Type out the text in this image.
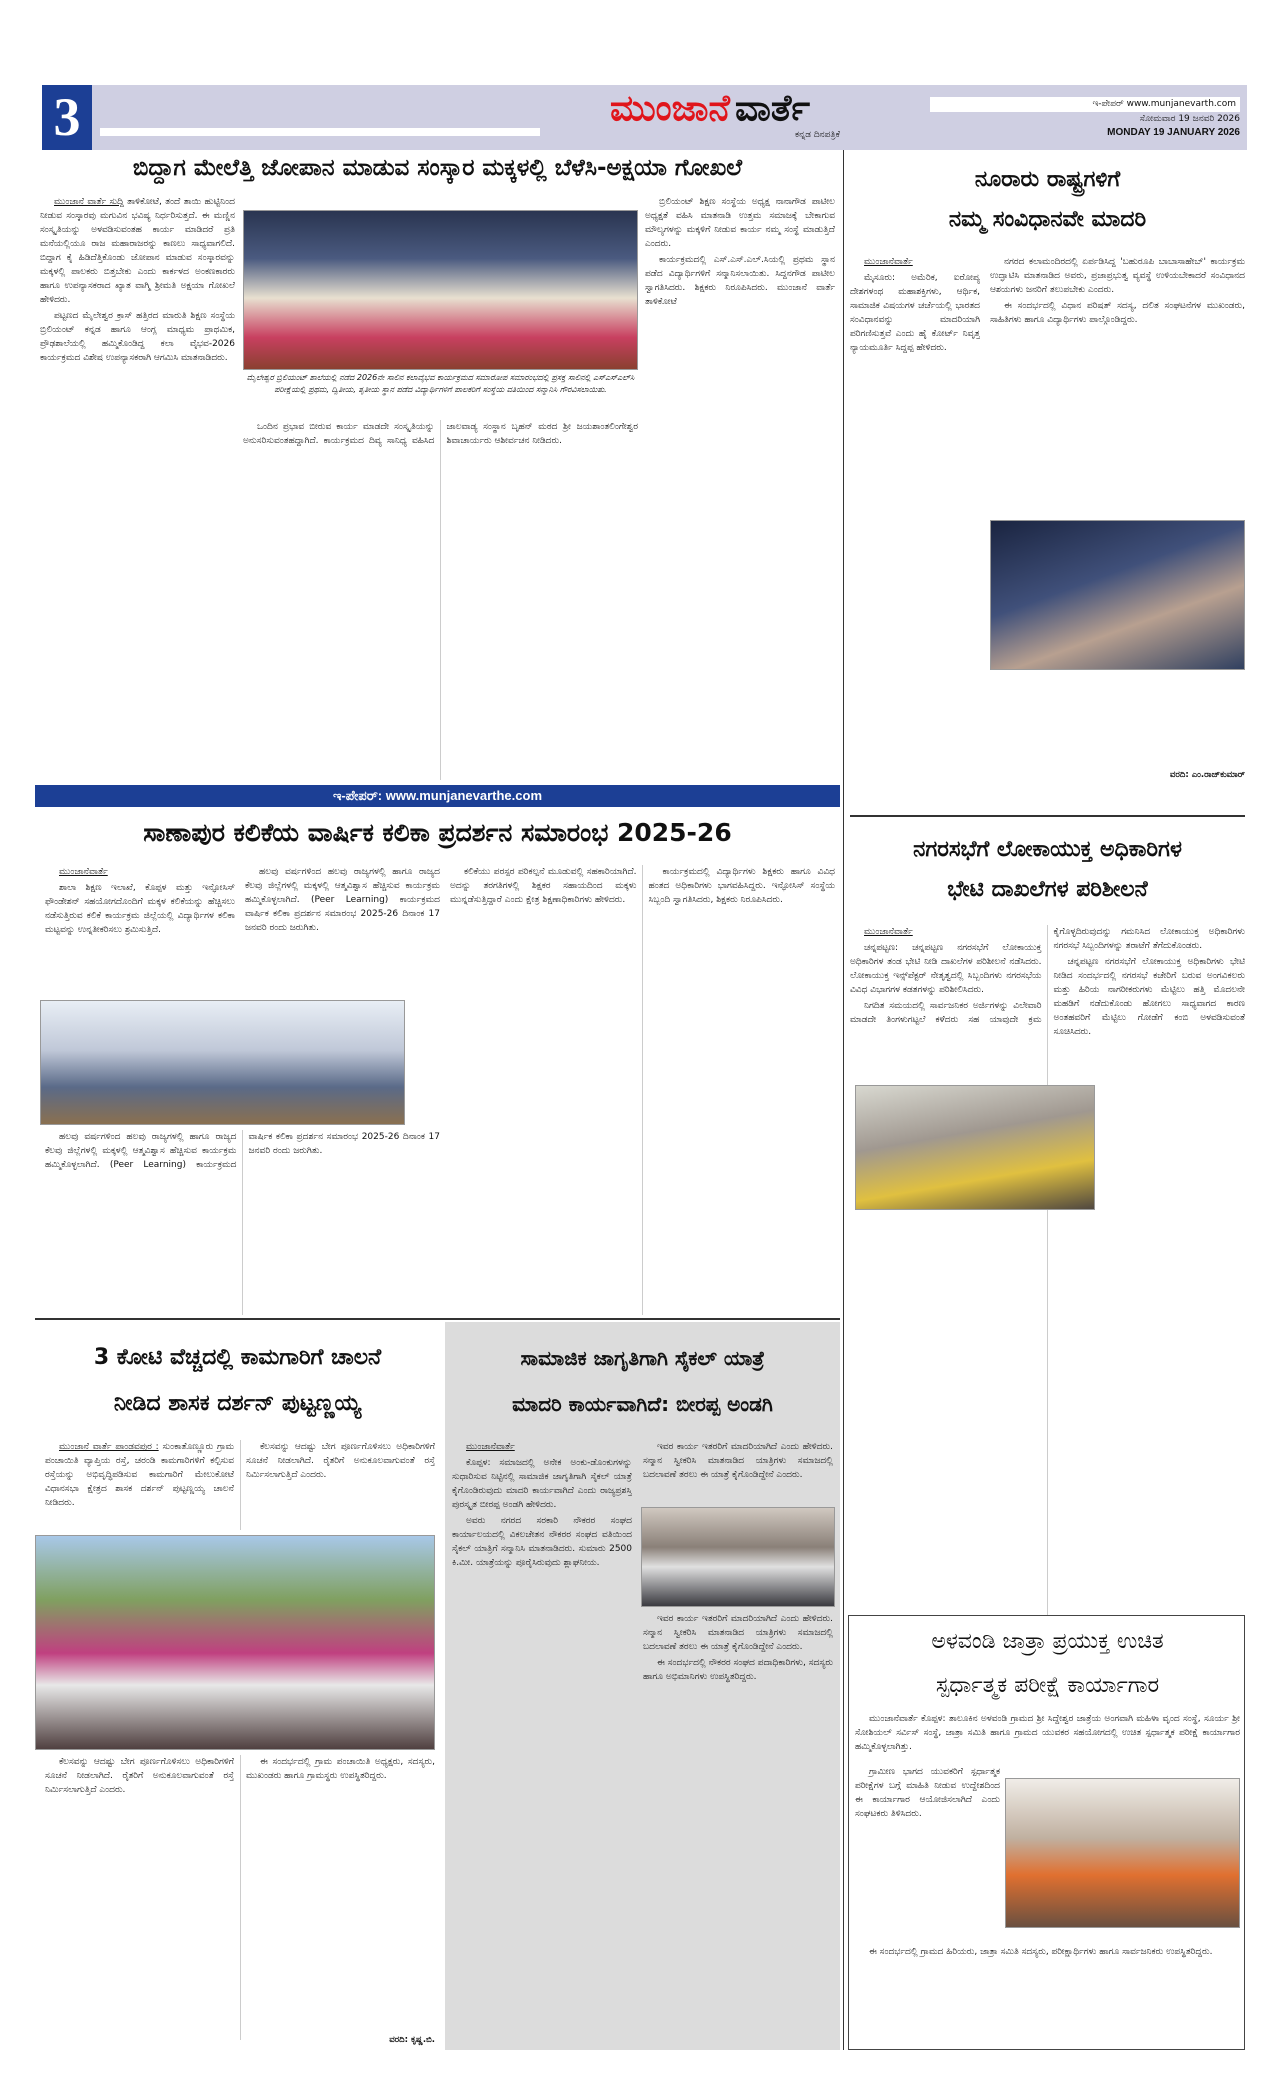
3	ಮುಂಜಾನೆ ವಾರ್ತೆ
ಕನ್ನಡ ದಿನಪತ್ರಿಕೆ
ಇ-ಪೇಪರ್ www.munjanevarth.com
ಸೋಮವಾರ 19 ಜನವರಿ 2026
MONDAY 19 JANUARY 2026
ಬಿದ್ದಾಗ ಮೇಲೆತ್ತಿ ಜೋಪಾನ ಮಾಡುವ ಸಂಸ್ಕಾರ ಮಕ್ಕಳಲ್ಲಿ ಬೆಳೆಸಿ-ಅಕ್ಷಯಾ ಗೋಖಲೆ

ಮುಂಜಾನೆ ವಾರ್ತೆ ಸುದ್ದಿ ತಾಳಿಕೋಟೆ, ತಂದೆ ತಾಯಿ ಹುಟ್ಟಿನಿಂದ ನೀಡುವ ಸಂಸ್ಕಾರವು ಮಗುವಿನ ಭವಿಷ್ಯ ನಿರ್ಧರಿಸುತ್ತದೆ. ಈ ಮಣ್ಣಿನ ಸಂಸ್ಕೃತಿಯನ್ನು ಅಳವಡಿಸುವಂತಹ ಕಾರ್ಯ ಮಾಡಿದರೆ ಪ್ರತಿ ಮನೆಯಲ್ಲಿಯೂ ರಾಜ ಮಹಾರಾಜರನ್ನು ಕಾಣಲು ಸಾಧ್ಯವಾಗಲಿದೆ. ಬಿದ್ದಾಗ ಕೈ ಹಿಡಿದೆತ್ತಿಕೊಂಡು ಜೋಪಾನ ಮಾಡುವ ಸಂಸ್ಕಾರವನ್ನು ಮಕ್ಕಳಲ್ಲಿ ಪಾಲಕರು ಬಿತ್ತಬೇಕು ಎಂದು ಕಾರ್ಕಳದ ಅಂಕಣಕಾರರು ಹಾಗೂ ಉಪನ್ಯಾಸಕರಾದ ಖ್ಯಾತ ವಾಗ್ಮಿ ಶ್ರೀಮತಿ ಅಕ್ಷಯಾ ಗೋಖಲೆ ಹೇಳಿದರು.

ಪಟ್ಟಣದ ಮೈಲೇಶ್ವರ ಕ್ರಾಸ್ ಹತ್ತಿರದ ಮಾರುತಿ ಶಿಕ್ಷಣ ಸಂಸ್ಥೆಯ ಬ್ರಿಲಿಯಂಟ್ ಕನ್ನಡ ಹಾಗೂ ಆಂಗ್ಲ ಮಾಧ್ಯಮ ಪ್ರಾಥಮಿಕ, ಪ್ರೌಢಶಾಲೆಯಲ್ಲಿ ಹಮ್ಮಿಕೊಂಡಿದ್ದ ಕಲಾ ವೈಭವ-2026 ಕಾರ್ಯಕ್ರಮದ ವಿಶೇಷ ಉಪನ್ಯಾಸಕರಾಗಿ ಆಗಮಿಸಿ ಮಾತನಾಡಿದರು.

ಮೈಲೇಶ್ವರ ಬ್ರಿಲಿಯಂಟ್ ಶಾಲೆಯಲ್ಲಿ ನಡೆದ 2026ನೇ ಸಾಲಿನ ಕಲಾವೈಭವ ಕಾರ್ಯಕ್ರಮದ ಸಮಾರೋಪ ಸಮಾರಂಭದಲ್ಲಿ ಪ್ರಸಕ್ತ ಸಾಲಿನಲ್ಲಿ ಎಸ್‌ಎಸ್‌ಎಲ್‌ಸಿ ಪರೀಕ್ಷೆಯಲ್ಲಿ ಪ್ರಥಮ, ದ್ವಿತೀಯ, ತೃತೀಯ ಸ್ಥಾನ ಪಡೆದ ವಿದ್ಯಾರ್ಥಿಗಳಿಗೆ ಪಾಲಕರಿಗೆ ಸಂಸ್ಥೆಯ ವತಿಯಿಂದ ಸನ್ಮಾನಿಸಿ ಗೌರವಿಸಲಾಯಿತು.

ಒಂದಿನ ಪ್ರಭಾವ ಬೀರುವ ಕಾರ್ಯ ಮಾಡದೇ ಸಂಸ್ಕೃತಿಯನ್ನು ಅನುಸರಿಸುವಂತಹದ್ದಾಗಿದೆ. ಕಾರ್ಯಕ್ರಮದ ದಿವ್ಯ ಸಾನಿಧ್ಯ ವಹಿಸಿದ ಜಾಲವಾಡ್ಯ ಸಂಸ್ಥಾನ ಬೃಹನ್ ಮಠದ ಶ್ರೀ ಜಯಶಾಂತಲಿಂಗೇಶ್ವರ ಶಿವಾಚಾರ್ಯರು ಆಶೀರ್ವಚನ ನೀಡಿದರು.

ಬ್ರಿಲಿಯಂಟ್ ಶಿಕ್ಷಣ ಸಂಸ್ಥೆಯ ಅಧ್ಯಕ್ಷ ನಾನಾಗೌಡ ಪಾಟೀಲ ಅಧ್ಯಕ್ಷತೆ ವಹಿಸಿ ಮಾತನಾಡಿ ಉತ್ತಮ ಸಮಾಜಕ್ಕೆ ಬೇಕಾಗುವ ಮೌಲ್ಯಗಳನ್ನು ಮಕ್ಕಳಿಗೆ ನೀಡುವ ಕಾರ್ಯ ನಮ್ಮ ಸಂಸ್ಥೆ ಮಾಡುತ್ತಿದೆ ಎಂದರು.

ಕಾರ್ಯಕ್ರಮದಲ್ಲಿ ಎಸ್.ಎಸ್.ಎಲ್.ಸಿಯಲ್ಲಿ ಪ್ರಥಮ ಸ್ಥಾನ ಪಡೆದ ವಿದ್ಯಾರ್ಥಿಗಳಿಗೆ ಸನ್ಮಾನಿಸಲಾಯಿತು. ಸಿದ್ದನಗೌಡ ಪಾಟೀಲ ಸ್ವಾಗತಿಸಿದರು. ಶಿಕ್ಷಕರು ನಿರೂಪಿಸಿದರು. ಮುಂಜಾನೆ ವಾರ್ತೆ ತಾಳಿಕೋಟೆ

ನೂರಾರು ರಾಷ್ಟ್ರಗಳಿಗೆ
ನಮ್ಮ ಸಂವಿಧಾನವೇ ಮಾದರಿ

ಮುಂಜಾನೆವಾರ್ತೆ

ಮೈಸೂರು: ಅಮೆರಿಕ, ಐರೋಪ್ಯ ದೇಶಗಳಂಥ ಮಹಾಶಕ್ತಿಗಳು, ಆರ್ಥಿಕ, ಸಾಮಾಜಿಕ ವಿಷಯಗಳ ಚರ್ಚೆಯಲ್ಲಿ ಭಾರತದ ಸಂವಿಧಾನವನ್ನು ಮಾದರಿಯಾಗಿ ಪರಿಗಣಿಸುತ್ತವೆ ಎಂದು ಹೈ ಕೋರ್ಟ್ ನಿವೃತ್ತ ನ್ಯಾಯಮೂರ್ತಿ ಸಿದ್ದಪ್ಪ ಹೇಳಿದರು.

ನಗರದ ಕಲಾಮಂದಿರದಲ್ಲಿ ಏರ್ಪಡಿಸಿದ್ದ 'ಬಹುರೂಪಿ ಬಾಬಾಸಾಹೇಬ್' ಕಾರ್ಯಕ್ರಮ ಉದ್ಘಾಟಿಸಿ ಮಾತನಾಡಿದ ಅವರು, ಪ್ರಜಾಪ್ರಭುತ್ವ ವ್ಯವಸ್ಥೆ ಉಳಿಯಬೇಕಾದರೆ ಸಂವಿಧಾನದ ಆಶಯಗಳು ಜನರಿಗೆ ತಲುಪಬೇಕು ಎಂದರು.

ಈ ಸಂದರ್ಭದಲ್ಲಿ ವಿಧಾನ ಪರಿಷತ್ ಸದಸ್ಯ, ದಲಿತ ಸಂಘಟನೆಗಳ ಮುಖಂಡರು, ಸಾಹಿತಿಗಳು ಹಾಗೂ ವಿದ್ಯಾರ್ಥಿಗಳು ಪಾಲ್ಗೊಂಡಿದ್ದರು.

ವರದಿ: ಎಂ.ರಾಜ್‌ಕುಮಾರ್
ಇ-ಪೇಪರ್: www.munjanevarthe.com
ಸಾಣಾಪುರ ಕಲಿಕೆಯ ವಾರ್ಷಿಕ ಕಲಿಕಾ ಪ್ರದರ್ಶನ ಸಮಾರಂಭ 2025-26

ಮುಂಜಾನೆವಾರ್ತೆ

ಶಾಲಾ ಶಿಕ್ಷಣ ಇಲಾಖೆ, ಕೊಪ್ಪಳ ಮತ್ತು ಇನ್ಫೋಸಿಸ್ ಫೌಂಡೇಶನ್ ಸಹಯೋಗದೊಂದಿಗೆ ಮಕ್ಕಳ ಕಲಿಕೆಯನ್ನು ಹೆಚ್ಚಿಸಲು ನಡೆಸುತ್ತಿರುವ ಕಲಿಕೆ ಕಾರ್ಯಕ್ರಮ ಜಿಲ್ಲೆಯಲ್ಲಿ ವಿದ್ಯಾರ್ಥಿಗಳ ಕಲಿಕಾ ಮಟ್ಟವನ್ನು ಉನ್ನತೀಕರಿಸಲು ಶ್ರಮಿಸುತ್ತಿದೆ.

ಹಲವು ವರ್ಷಗಳಿಂದ ಹಲವು ರಾಜ್ಯಗಳಲ್ಲಿ ಹಾಗೂ ರಾಜ್ಯದ ಕೆಲವು ಜಿಲ್ಲೆಗಳಲ್ಲಿ ಮಕ್ಕಳಲ್ಲಿ ಆತ್ಮವಿಶ್ವಾಸ ಹೆಚ್ಚಿಸುವ ಕಾರ್ಯಕ್ರಮ ಹಮ್ಮಿಕೊಳ್ಳಲಾಗಿದೆ. (Peer Learning) ಕಾರ್ಯಕ್ರಮದ ವಾರ್ಷಿಕ ಕಲಿಕಾ ಪ್ರದರ್ಶನ ಸಮಾರಂಭ 2025-26 ದಿನಾಂಕ 17 ಜನವರಿ ರಂದು ಜರುಗಿತು.

ಹಲವು ವರ್ಷಗಳಿಂದ ಹಲವು ರಾಜ್ಯಗಳಲ್ಲಿ ಹಾಗೂ ರಾಜ್ಯದ ಕೆಲವು ಜಿಲ್ಲೆಗಳಲ್ಲಿ ಮಕ್ಕಳಲ್ಲಿ ಆತ್ಮವಿಶ್ವಾಸ ಹೆಚ್ಚಿಸುವ ಕಾರ್ಯಕ್ರಮ ಹಮ್ಮಿಕೊಳ್ಳಲಾಗಿದೆ. (Peer Learning) ಕಾರ್ಯಕ್ರಮದ ವಾರ್ಷಿಕ ಕಲಿಕಾ ಪ್ರದರ್ಶನ ಸಮಾರಂಭ 2025-26 ದಿನಾಂಕ 17 ಜನವರಿ ರಂದು ಜರುಗಿತು.

ಕಲಿಕೆಯು ಪರಸ್ಪರ ಪರಿಕಲ್ಪನೆ ಮೂಡುವಲ್ಲಿ ಸಹಕಾರಿಯಾಗಿದೆ. ಅದನ್ನು ತರಗತಿಗಳಲ್ಲಿ ಶಿಕ್ಷಕರ ಸಹಾಯದಿಂದ ಮಕ್ಕಳು ಮುನ್ನಡೆಸುತ್ತಿದ್ದಾರೆ ಎಂದು ಕ್ಷೇತ್ರ ಶಿಕ್ಷಣಾಧಿಕಾರಿಗಳು ಹೇಳಿದರು.

ಕಾರ್ಯಕ್ರಮದಲ್ಲಿ ವಿದ್ಯಾರ್ಥಿಗಳು ಶಿಕ್ಷಕರು ಹಾಗೂ ವಿವಿಧ ಹಂತದ ಅಧಿಕಾರಿಗಳು ಭಾಗವಹಿಸಿದ್ದರು. ಇನ್ಫೋಸಿಸ್ ಸಂಸ್ಥೆಯ ಸಿಬ್ಬಂದಿ ಸ್ವಾಗತಿಸಿದರು, ಶಿಕ್ಷಕರು ನಿರೂಪಿಸಿದರು.

ನಗರಸಭೆಗೆ ಲೋಕಾಯುಕ್ತ ಅಧಿಕಾರಿಗಳ
ಭೇಟಿ ದಾಖಲೆಗಳ ಪರಿಶೀಲನೆ

ಮುಂಜಾನೆವಾರ್ತೆ

ಚನ್ನಪಟ್ಟಣ: ಚನ್ನಪಟ್ಟಣ ನಗರಸಭೆಗೆ ಲೋಕಾಯುಕ್ತ ಅಧಿಕಾರಿಗಳ ತಂಡ ಭೇಟಿ ನೀಡಿ ದಾಖಲೆಗಳ ಪರಿಶೀಲನೆ ನಡೆಸಿದರು. ಲೋಕಾಯುಕ್ತ ಇನ್ಸ್‌ಪೆಕ್ಟರ್ ನೇತೃತ್ವದಲ್ಲಿ ಸಿಬ್ಬಂದಿಗಳು ನಗರಸಭೆಯ ವಿವಿಧ ವಿಭಾಗಗಳ ಕಡತಗಳನ್ನು ಪರಿಶೀಲಿಸಿದರು.

ನಿಗದಿತ ಸಮಯದಲ್ಲಿ ಸಾರ್ವಜನಿಕರ ಅರ್ಜಿಗಳನ್ನು ವಿಲೇವಾರಿ ಮಾಡದೇ ತಿಂಗಳುಗಟ್ಟಲೆ ಕಳೆದರು ಸಹ ಯಾವುದೇ ಕ್ರಮ ಕೈಗೊಳ್ಳದಿರುವುದನ್ನು ಗಮನಿಸಿದ ಲೋಕಾಯುಕ್ತ ಅಧಿಕಾರಿಗಳು ನಗರಸಭೆ ಸಿಬ್ಬಂದಿಗಳನ್ನು ತರಾಟೆಗೆ ತೆಗೆದುಕೊಂಡರು.

ಚನ್ನಪಟ್ಟಣ ನಗರಸಭೆಗೆ ಲೋಕಾಯುಕ್ತ ಅಧಿಕಾರಿಗಳು ಭೇಟಿ ನೀಡಿದ ಸಂದರ್ಭದಲ್ಲಿ ನಗರಸಭೆ ಕಚೇರಿಗೆ ಬರುವ ಅಂಗವಿಕಲರು ಮತ್ತು ಹಿರಿಯ ನಾಗರೀಕರುಗಳು ಮೆಟ್ಟಿಲು ಹತ್ತಿ ಮೊದಲನೇ ಮಹಡಿಗೆ ನಡೆದುಕೊಂಡು ಹೋಗಲು ಸಾಧ್ಯವಾಗದ ಕಾರಣ ಅಂತಹವರಿಗೆ ಮೆಟ್ಟಿಲು ಗೋಡೆಗೆ ಕಂಬಿ ಅಳವಡಿಸುವಂತೆ ಸೂಚಿಸಿದರು.

3 ಕೋಟಿ ವೆಚ್ಚದಲ್ಲಿ ಕಾಮಗಾರಿಗೆ ಚಾಲನೆ
ನೀಡಿದ ಶಾಸಕ ದರ್ಶನ್ ಪುಟ್ಟಣ್ಣಯ್ಯ

ಮುಂಜಾನೆ ವಾರ್ತೆ ಪಾಂಡವಪುರ : ಸುಂಕಾತೊಣ್ಣೂರು ಗ್ರಾಮ ಪಂಚಾಯಿತಿ ವ್ಯಾಪ್ತಿಯ ರಸ್ತೆ, ಚರಂಡಿ ಕಾಮಗಾರಿಗಳಿಗೆ ಕಲ್ಪಿಸುವ ರಸ್ತೆಯನ್ನು ಅಭಿವೃದ್ಧಿಪಡಿಸುವ ಕಾಮಗಾರಿಗೆ ಮೇಲುಕೋಟೆ ವಿಧಾನಸಭಾ ಕ್ಷೇತ್ರದ ಶಾಸಕ ದರ್ಶನ್ ಪುಟ್ಟಣ್ಣಯ್ಯ ಚಾಲನೆ ನೀಡಿದರು.

ಕೆಲಸವನ್ನು ಆದಷ್ಟು ಬೇಗ ಪೂರ್ಣಗೊಳಿಸಲು ಅಧಿಕಾರಿಗಳಿಗೆ ಸೂಚನೆ ನೀಡಲಾಗಿದೆ. ರೈತರಿಗೆ ಅನುಕೂಲವಾಗುವಂತೆ ರಸ್ತೆ ನಿರ್ಮಿಸಲಾಗುತ್ತಿದೆ ಎಂದರು.

ಕೆಲಸವನ್ನು ಆದಷ್ಟು ಬೇಗ ಪೂರ್ಣಗೊಳಿಸಲು ಅಧಿಕಾರಿಗಳಿಗೆ ಸೂಚನೆ ನೀಡಲಾಗಿದೆ. ರೈತರಿಗೆ ಅನುಕೂಲವಾಗುವಂತೆ ರಸ್ತೆ ನಿರ್ಮಿಸಲಾಗುತ್ತಿದೆ ಎಂದರು.

ಈ ಸಂದರ್ಭದಲ್ಲಿ ಗ್ರಾಮ ಪಂಚಾಯಿತಿ ಅಧ್ಯಕ್ಷರು, ಸದಸ್ಯರು, ಮುಖಂಡರು ಹಾಗೂ ಗ್ರಾಮಸ್ಥರು ಉಪಸ್ಥಿತರಿದ್ದರು.

ವರದಿ: ಕೃಷ್ಣ.ಬಿ.
ಸಾಮಾಜಿಕ ಜಾಗೃತಿಗಾಗಿ ಸೈಕಲ್ ಯಾತ್ರೆ
ಮಾದರಿ ಕಾರ್ಯವಾಗಿದೆ: ಬೀರಪ್ಪ ಅಂಡಗಿ

ಮುಂಜಾನೆವಾರ್ತೆ

ಕೊಪ್ಪಳ: ಸಮಾಜದಲ್ಲಿ ಅನೇಕ ಅಂಕು-ಡೊಂಕುಗಳನ್ನು ಸುಧಾರಿಸುವ ನಿಟ್ಟಿನಲ್ಲಿ ಸಾಮಾಜಿಕ ಜಾಗೃತಿಗಾಗಿ ಸೈಕಲ್ ಯಾತ್ರೆ ಕೈಗೊಂಡಿರುವುದು ಮಾದರಿ ಕಾರ್ಯವಾಗಿದೆ ಎಂದು ರಾಜ್ಯಪ್ರಶಸ್ತಿ ಪುರಸ್ಕೃತ ಬೀರಪ್ಪ ಅಂಡಗಿ ಹೇಳಿದರು.

ಅವರು ನಗರದ ಸರಕಾರಿ ನೌಕರರ ಸಂಘದ ಕಾರ್ಯಾಲಯದಲ್ಲಿ ವಿಕಲಚೇತನ ನೌಕರರ ಸಂಘದ ವತಿಯಿಂದ ಸೈಕಲ್ ಯಾತ್ರಿಗೆ ಸನ್ಮಾನಿಸಿ ಮಾತನಾಡಿದರು. ಸುಮಾರು 2500 ಕಿ.ಮೀ. ಯಾತ್ರೆಯನ್ನು ಪೂರೈಸಿರುವುದು ಶ್ಲಾಘನೀಯ.

ಇವರ ಕಾರ್ಯ ಇತರರಿಗೆ ಮಾದರಿಯಾಗಿದೆ ಎಂದು ಹೇಳಿದರು. ಸನ್ಮಾನ ಸ್ವೀಕರಿಸಿ ಮಾತನಾಡಿದ ಯಾತ್ರಿಗಳು ಸಮಾಜದಲ್ಲಿ ಬದಲಾವಣೆ ತರಲು ಈ ಯಾತ್ರೆ ಕೈಗೊಂಡಿದ್ದೇನೆ ಎಂದರು.

ಇವರ ಕಾರ್ಯ ಇತರರಿಗೆ ಮಾದರಿಯಾಗಿದೆ ಎಂದು ಹೇಳಿದರು. ಸನ್ಮಾನ ಸ್ವೀಕರಿಸಿ ಮಾತನಾಡಿದ ಯಾತ್ರಿಗಳು ಸಮಾಜದಲ್ಲಿ ಬದಲಾವಣೆ ತರಲು ಈ ಯಾತ್ರೆ ಕೈಗೊಂಡಿದ್ದೇನೆ ಎಂದರು.

ಈ ಸಂದರ್ಭದಲ್ಲಿ ನೌಕರರ ಸಂಘದ ಪದಾಧಿಕಾರಿಗಳು, ಸದಸ್ಯರು ಹಾಗೂ ಅಭಿಮಾನಿಗಳು ಉಪಸ್ಥಿತರಿದ್ದರು.

ಅಳವಂಡಿ ಜಾತ್ರಾ ಪ್ರಯುಕ್ತ ಉಚಿತ
ಸ್ಪರ್ಧಾತ್ಮಕ ಪರೀಕ್ಷೆ ಕಾರ್ಯಾಗಾರ

ಮುಂಜಾನೆವಾರ್ತೆ ಕೊಪ್ಪಳ: ತಾಲೂಕಿನ ಅಳವಂಡಿ ಗ್ರಾಮದ ಶ್ರೀ ಸಿದ್ದೇಶ್ವರ ಜಾತ್ರೆಯ ಅಂಗವಾಗಿ ಮಹಿಳಾ ವೃಂದ ಸಂಸ್ಥೆ, ಸೂರ್ಯ ಶ್ರೀ ಸೋಶಿಯಲ್ ಸರ್ವಿಸ್ ಸಂಸ್ಥೆ, ಜಾತ್ರಾ ಸಮಿತಿ ಹಾಗೂ ಗ್ರಾಮದ ಯುವಕರ ಸಹಯೋಗದಲ್ಲಿ ಉಚಿತ ಸ್ಪರ್ಧಾತ್ಮಕ ಪರೀಕ್ಷೆ ಕಾರ್ಯಾಗಾರ ಹಮ್ಮಿಕೊಳ್ಳಲಾಗಿತ್ತು.

ಗ್ರಾಮೀಣ ಭಾಗದ ಯುವಕರಿಗೆ ಸ್ಪರ್ಧಾತ್ಮಕ ಪರೀಕ್ಷೆಗಳ ಬಗ್ಗೆ ಮಾಹಿತಿ ನೀಡುವ ಉದ್ದೇಶದಿಂದ ಈ ಕಾರ್ಯಾಗಾರ ಆಯೋಜಿಸಲಾಗಿದೆ ಎಂದು ಸಂಘಟಕರು ತಿಳಿಸಿದರು.

ಈ ಸಂದರ್ಭದಲ್ಲಿ ಗ್ರಾಮದ ಹಿರಿಯರು, ಜಾತ್ರಾ ಸಮಿತಿ ಸದಸ್ಯರು, ಪರೀಕ್ಷಾರ್ಥಿಗಳು ಹಾಗೂ ಸಾರ್ವಜನಿಕರು ಉಪಸ್ಥಿತರಿದ್ದರು.
